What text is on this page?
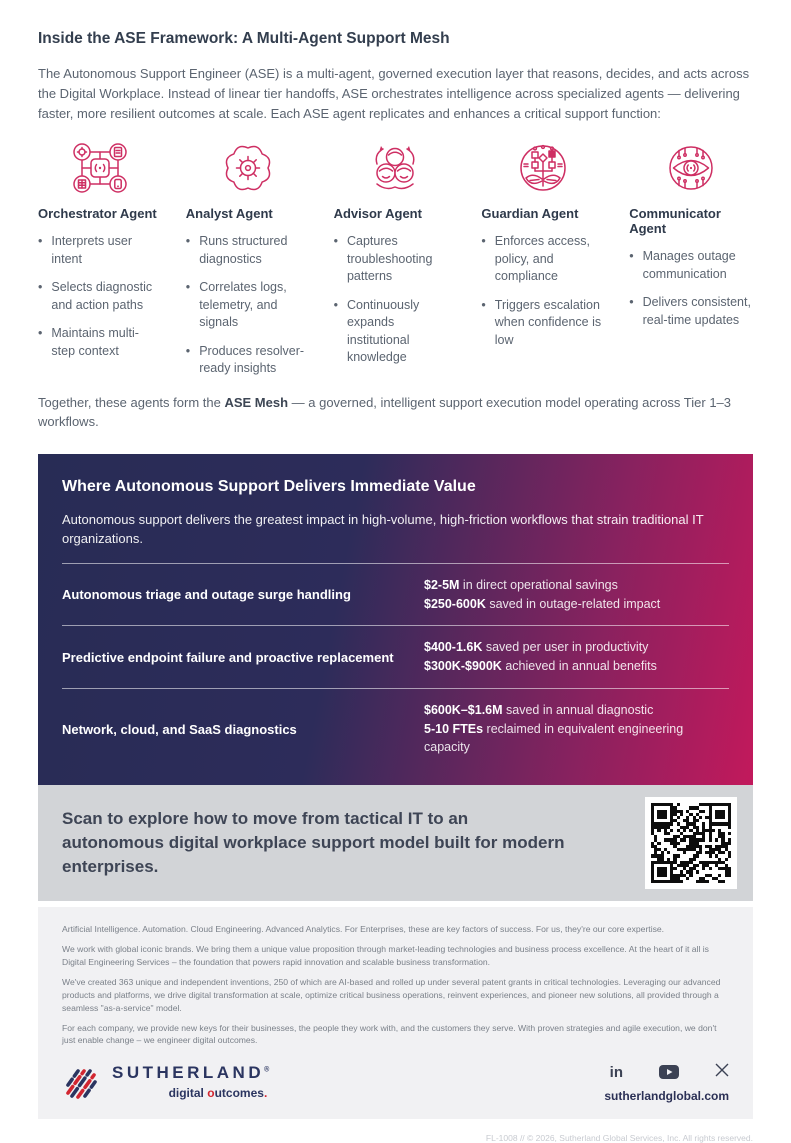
Inside the ASE Framework: A Multi-Agent Support Mesh

The Autonomous Support Engineer (ASE) is a multi-agent, governed execution layer that reasons, decides, and acts across the Digital Workplace. Instead of linear tier handoffs, ASE orchestrates intelligence across specialized agents — delivering faster, more resilient outcomes at scale. Each ASE agent replicates and enhances a critical support function:

Orchestrator Agent
• Interprets user intent
• Selects diagnostic and action paths
• Maintains multi-step context
Analyst Agent
• Runs structured diagnostics
• Correlates logs, telemetry, and signals
• Produces resolver-ready insights
Advisor Agent
• Captures troubleshooting patterns
• Continuously expands institutional knowledge
Guardian Agent
• Enforces access, policy, and compliance
• Triggers escalation when confidence is low
Communicator Agent
• Manages outage communication
• Delivers consistent, real-time updates

Together, these agents form the ASE Mesh — a governed, intelligent support execution model operating across Tier 1–3 workflows.

Where Autonomous Support Delivers Immediate Value

Autonomous support delivers the greatest impact in high-volume, high-friction workflows that strain traditional IT organizations.

Autonomous triage and outage surge handling
$2-5M in direct operational savings
$250-600K saved in outage-related impact
Predictive endpoint failure and proactive replacement
$400-1.6K saved per user in productivity
$300K-$900K achieved in annual benefits
Network, cloud, and SaaS diagnostics
$600K–$1.6M saved in annual diagnostic
5-10 FTEs reclaimed in equivalent engineering capacity

Scan to explore how to move from tactical IT to an autonomous digital workplace support model built for modern enterprises.

Artificial Intelligence. Automation. Cloud Engineering. Advanced Analytics. For Enterprises, these are key factors of success. For us, they're our core expertise.

We work with global iconic brands. We bring them a unique value proposition through market-leading technologies and business process excellence. At the heart of it all is Digital Engineering Services – the foundation that powers rapid innovation and scalable business transformation.

We've created 363 unique and independent inventions, 250 of which are AI-based and rolled up under several patent grants in critical technologies. Leveraging our advanced products and platforms, we drive digital transformation at scale, optimize critical business operations, reinvent experiences, and pioneer new solutions, all provided through a seamless "as-a-service" model.

For each company, we provide new keys for their businesses, the people they work with, and the customers they serve. With proven strategies and agile execution, we don't just enable change – we engineer digital outcomes.

SUTHERLAND®
digital outcomes.
in
sutherlandglobal.com
FL-1008 // © 2026, Sutherland Global Services, Inc. All rights reserved.
